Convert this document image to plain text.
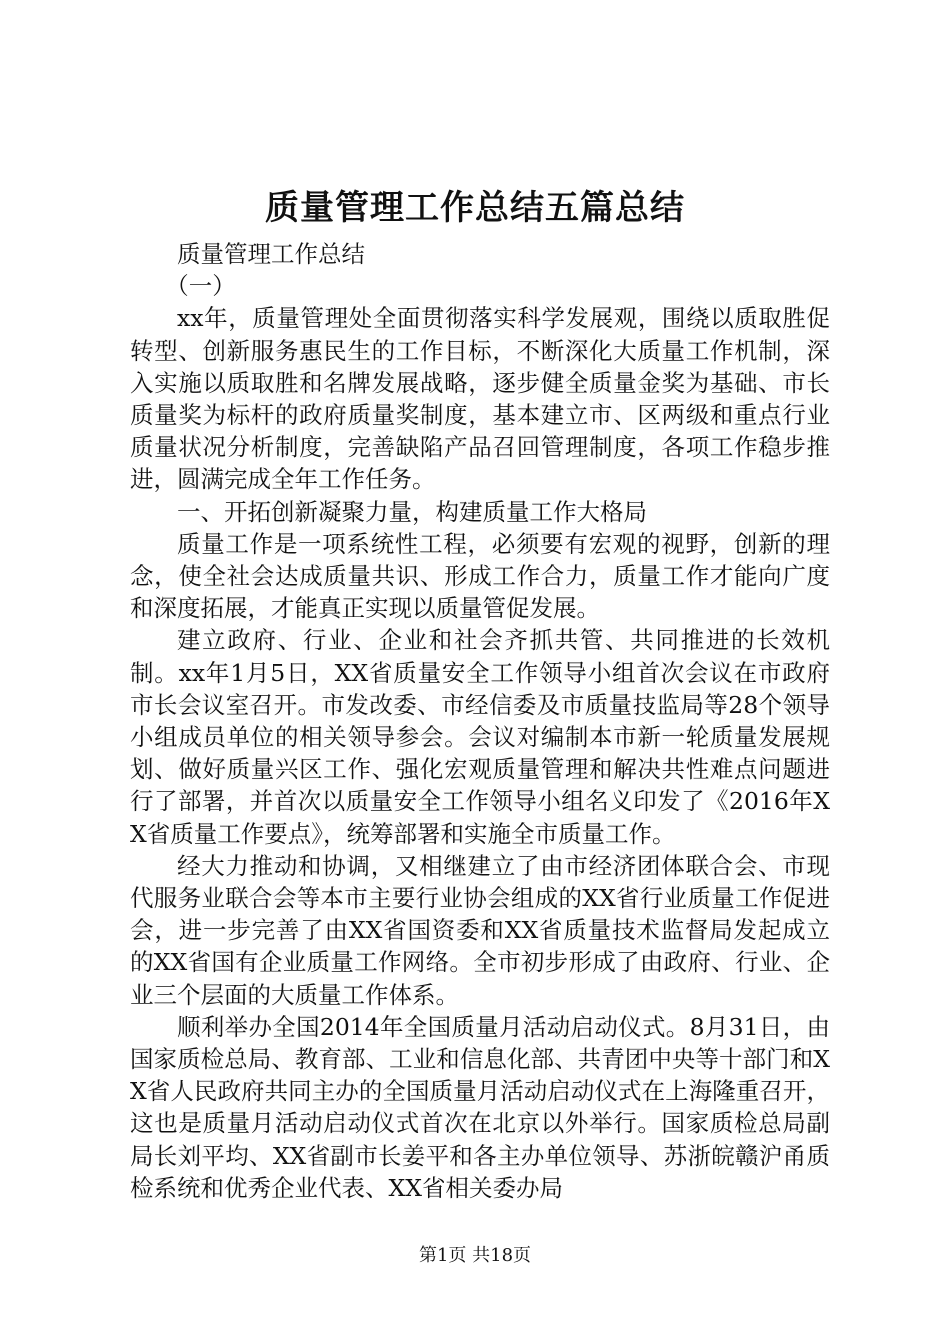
质量管理工作总结五篇总结

质量管理工作总结

（一）

xx年，质量管理处全面贯彻落实科学发展观，围绕以质取胜促转型、创新服务惠民生的工作目标，不断深化大质量工作机制，深入实施以质取胜和名牌发展战略，逐步健全质量金奖为基础、市长质量奖为标杆的政府质量奖制度，基本建立市、区两级和重点行业质量状况分析制度，完善缺陷产品召回管理制度，各项工作稳步推进，圆满完成全年工作任务。

一、开拓创新凝聚力量，构建质量工作大格局

质量工作是一项系统性工程，必须要有宏观的视野，创新的理念，使全社会达成质量共识、形成工作合力，质量工作才能向广度和深度拓展，才能真正实现以质量管促发展。

建立政府、行业、企业和社会齐抓共管、共同推进的长效机制。xx年1月5日，XX省质量安全工作领导小组首次会议在市政府市长会议室召开。市发改委、市经信委及市质量技监局等28个领导小组成员单位的相关领导参会。会议对编制本市新一轮质量发展规划、做好质量兴区工作、强化宏观质量管理和解决共性难点问题进行了部署，并首次以质量安全工作领导小组名义印发了《2016年XX省质量工作要点》，统筹部署和实施全市质量工作。

经大力推动和协调，又相继建立了由市经济团体联合会、市现代服务业联合会等本市主要行业协会组成的XX省行业质量工作促进会，进一步完善了由XX省国资委和XX省质量技术监督局发起成立的XX省国有企业质量工作网络。全市初步形成了由政府、行业、企业三个层面的大质量工作体系。

顺利举办全国2014年全国质量月活动启动仪式。8月31日，由国家质检总局、教育部、工业和信息化部、共青团中央等十部门和XX省人民政府共同主办的全国质量月活动启动仪式在上海隆重召开，这也是质量月活动启动仪式首次在北京以外举行。国家质检总局副局长刘平均、XX省副市长姜平和各主办单位领导、苏浙皖赣沪甬质检系统和优秀企业代表、XX省相关委办局

第1页 共18页
